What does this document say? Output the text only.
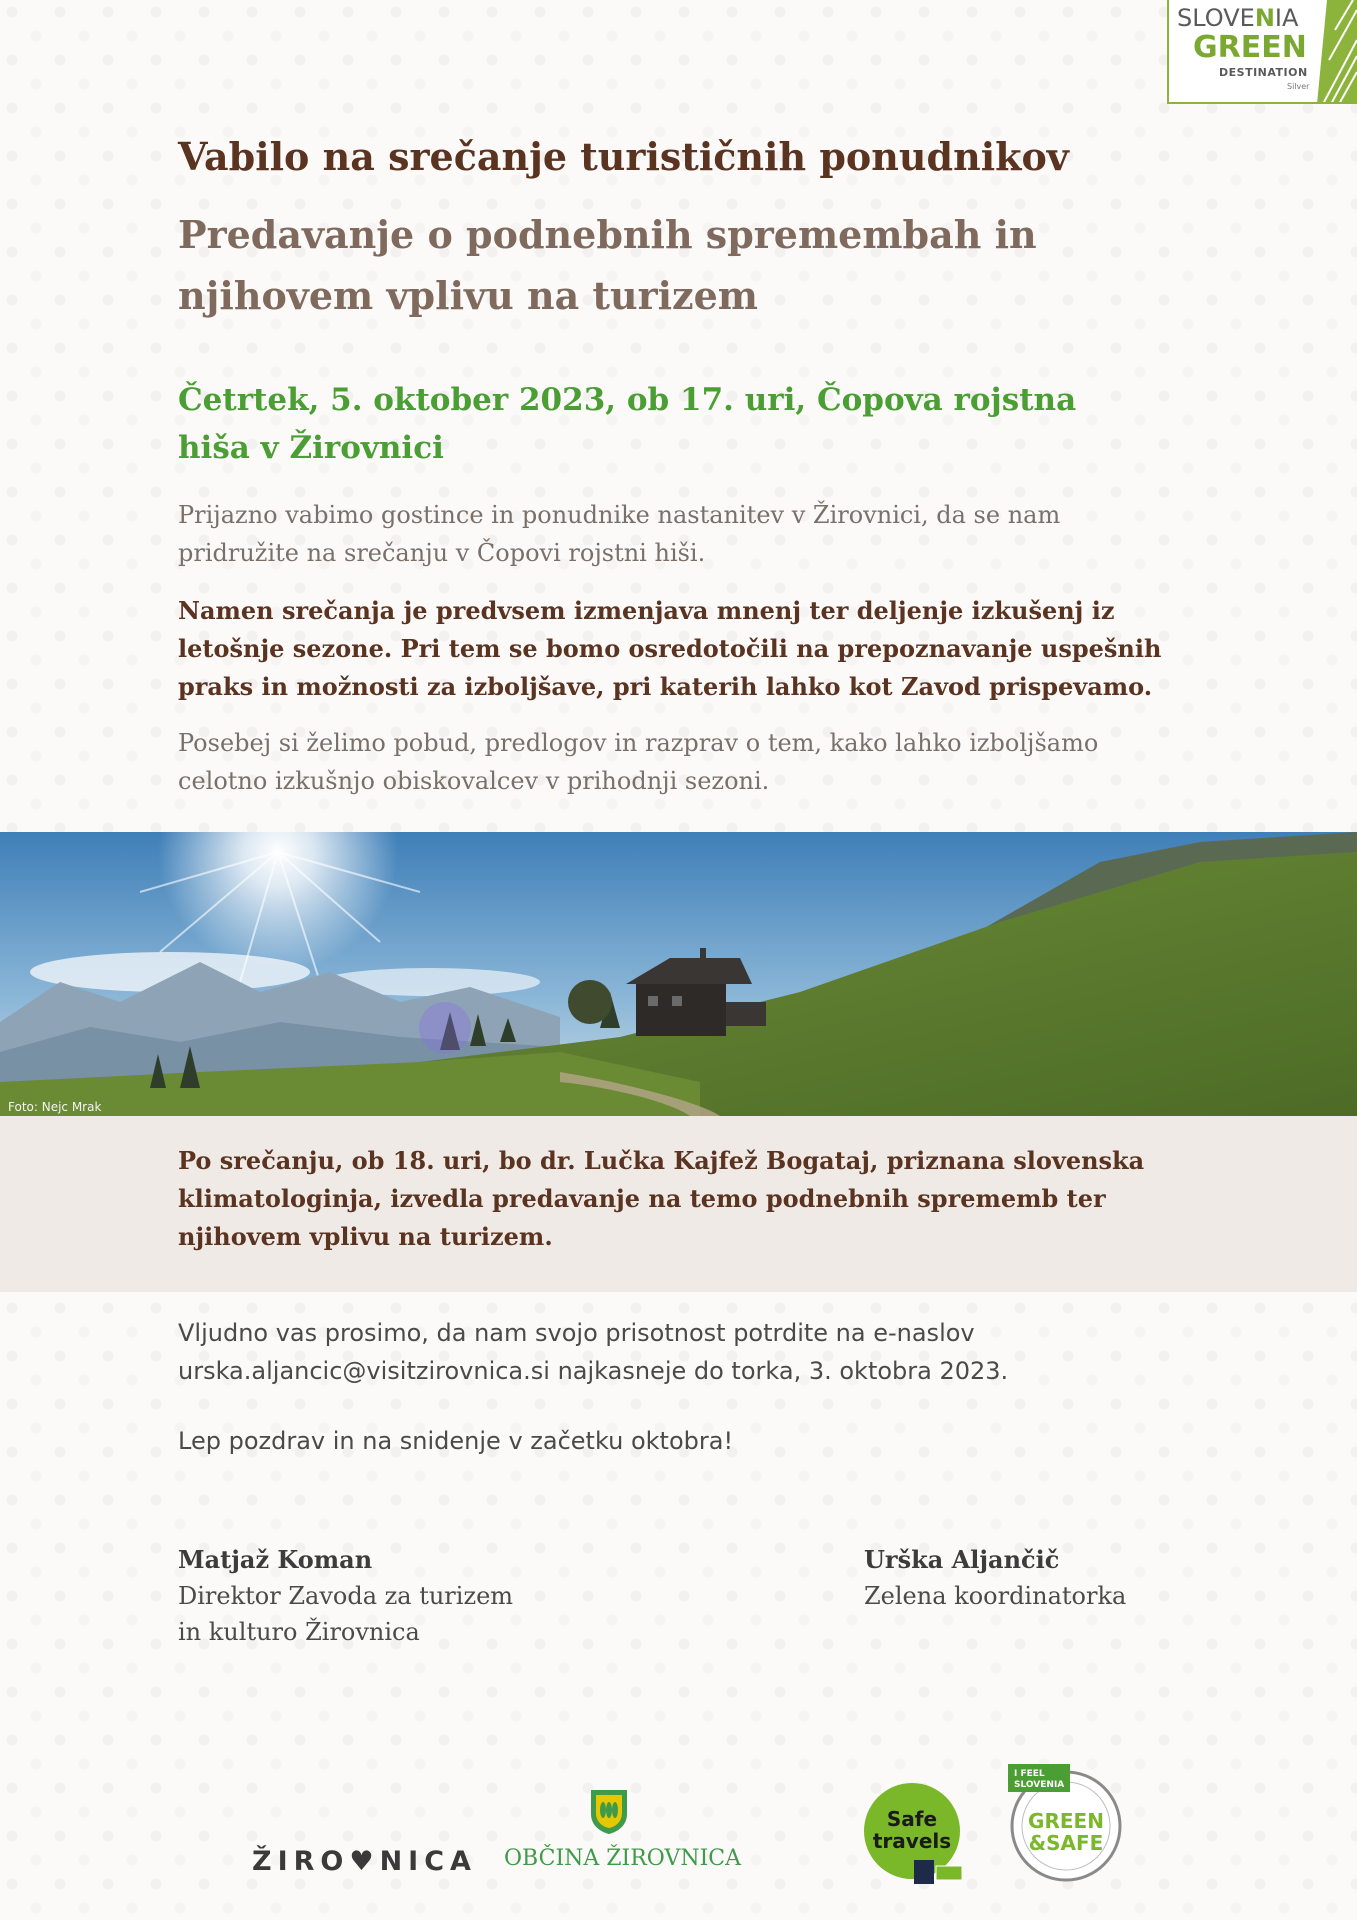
SLOVENIA
GREEN
DESTINATION
Silver
Vabilo na srečanje turističnih ponudnikov
Predavanje o podnebnih spremembah in njihovem vplivu na turizem
Četrtek, 5. oktober 2023, ob 17. uri, Čopova rojstna hiša v Žirovnici
Prijazno vabimo gostince in ponudnike nastanitev v Žirovnici, da se nam pridružite na srečanju v Čopovi rojstni hiši.
Namen srečanja je predvsem izmenjava mnenj ter deljenje izkušenj iz letošnje sezone. Pri tem se bomo osredotočili na prepoznavanje uspešnih praks in možnosti za izboljšave, pri katerih lahko kot Zavod prispevamo.
Posebej si želimo pobud, predlogov in razprav o tem, kako lahko izboljšamo celotno izkušnjo obiskovalcev v prihodnji sezoni.
Foto: Nejc Mrak
Po srečanju, ob 18. uri, bo dr. Lučka Kajfež Bogataj, priznana slovenska klimatologinja, izvedla predavanje na temo podnebnih sprememb ter njihovem vplivu na turizem.
Vljudno vas prosimo, da nam svojo prisotnost potrdite na e-naslov urska.aljancic@visitzirovnica.si najkasneje do torka, 3. oktobra 2023.
Lep pozdrav in na snidenje v začetku oktobra!
Matjaž Koman
Direktor Zavoda za turizem
in kulturo Žirovnica
Urška Aljančič
Zelena koordinatorka
ŽIRO♥NICA OBČINA ŽIROVNICA
Safe
travels
I FEEL
SLOVENIA
GREEN
&SAFE
